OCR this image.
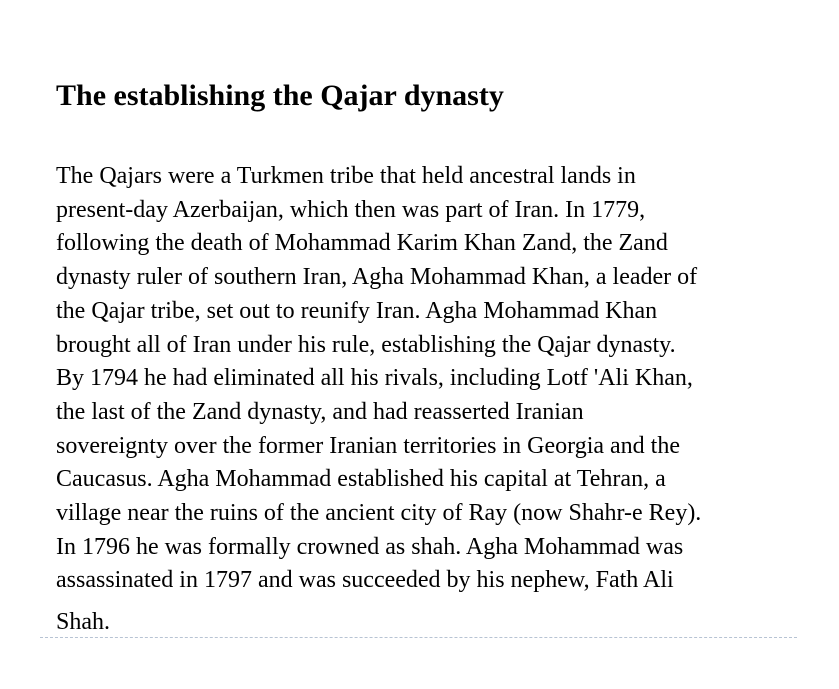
The establishing the Qajar dynasty
The Qajars were a Turkmen tribe that held ancestral lands in
present-day Azerbaijan, which then was part of Iran. In 1779,
following the death of Mohammad Karim Khan Zand, the Zand
dynasty ruler of southern Iran, Agha Mohammad Khan, a leader of
the Qajar tribe, set out to reunify Iran. Agha Mohammad Khan
brought all of Iran under his rule, establishing the Qajar dynasty.
By 1794 he had eliminated all his rivals, including Lotf 'Ali Khan,
the last of the Zand dynasty, and had reasserted Iranian
sovereignty over the former Iranian territories in Georgia and the
Caucasus. Agha Mohammad established his capital at Tehran, a
village near the ruins of the ancient city of Ray (now Shahr-e Rey).
In 1796 he was formally crowned as shah. Agha Mohammad was
assassinated in 1797 and was succeeded by his nephew, Fath Ali
Shah.
